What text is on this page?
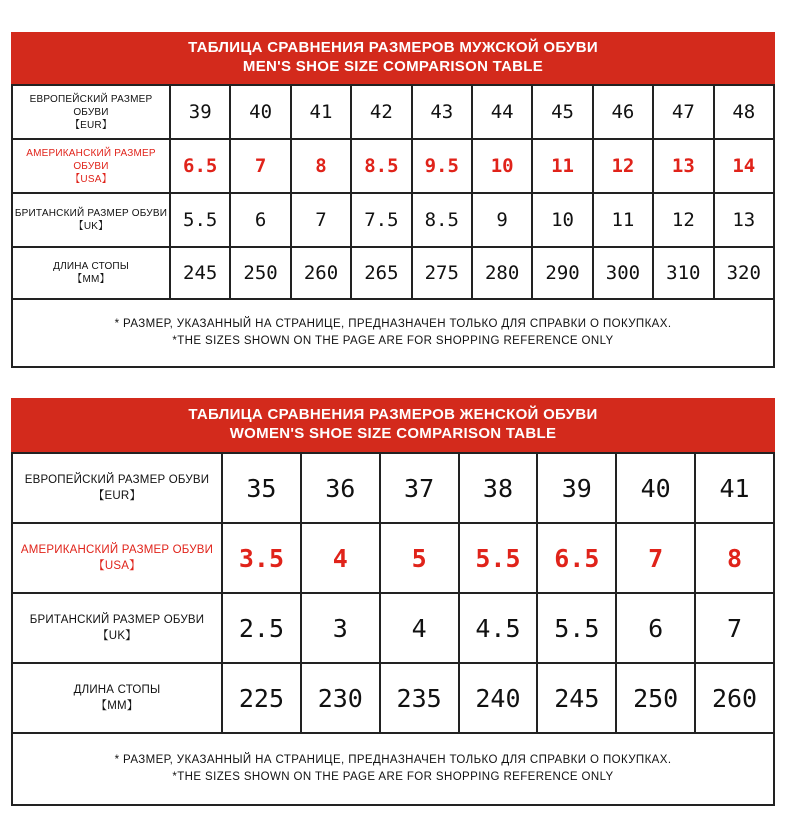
ТАБЛИЦА СРАВНЕНИЯ РАЗМЕРОВ МУЖСКОЙ ОБУВИ
MEN'S SHOE SIZE COMPARISON TABLE
ЕВРОПЕЙСКИЙ РАЗМЕР ОБУВИ
【EUR】	39	40	41	42	43	44	45	46	47	48

АМЕРИКАНСКИЙ РАЗМЕР ОБУВИ
【USA】	6.5	7	8	8.5	9.5	10	11	12	13	14

БРИТАНСКИЙ РАЗМЕР ОБУВИ
【UK】	5.5	6	7	7.5	8.5	9	10	11	12	13

ДЛИНА СТОПЫ
【MM】	245	250	260	265	275	280	290	300	310	320

* РАЗМЕР, УКАЗАННЫЙ НА СТРАНИЦЕ, ПРЕДНАЗНАЧЕН ТОЛЬКО ДЛЯ СПРАВКИ О ПОКУПКАХ.
*THE SIZES SHOWN ON THE PAGE ARE FOR SHOPPING REFERENCE ONLY										
ТАБЛИЦА СРАВНЕНИЯ РАЗМЕРОВ ЖЕНСКОЙ ОБУВИ
WOMEN'S SHOE SIZE COMPARISON TABLE
ЕВРОПЕЙСКИЙ РАЗМЕР ОБУВИ
【EUR】	35	36	37	38	39	40	41

АМЕРИКАНСКИЙ РАЗМЕР ОБУВИ
【USA】	3.5	4	5	5.5	6.5	7	8

БРИТАНСКИЙ РАЗМЕР ОБУВИ
【UK】	2.5	3	4	4.5	5.5	6	7

ДЛИНА СТОПЫ
【MM】	225	230	235	240	245	250	260

* РАЗМЕР, УКАЗАННЫЙ НА СТРАНИЦЕ, ПРЕДНАЗНАЧЕН ТОЛЬКО ДЛЯ СПРАВКИ О ПОКУПКАХ.
*THE SIZES SHOWN ON THE PAGE ARE FOR SHOPPING REFERENCE ONLY							
